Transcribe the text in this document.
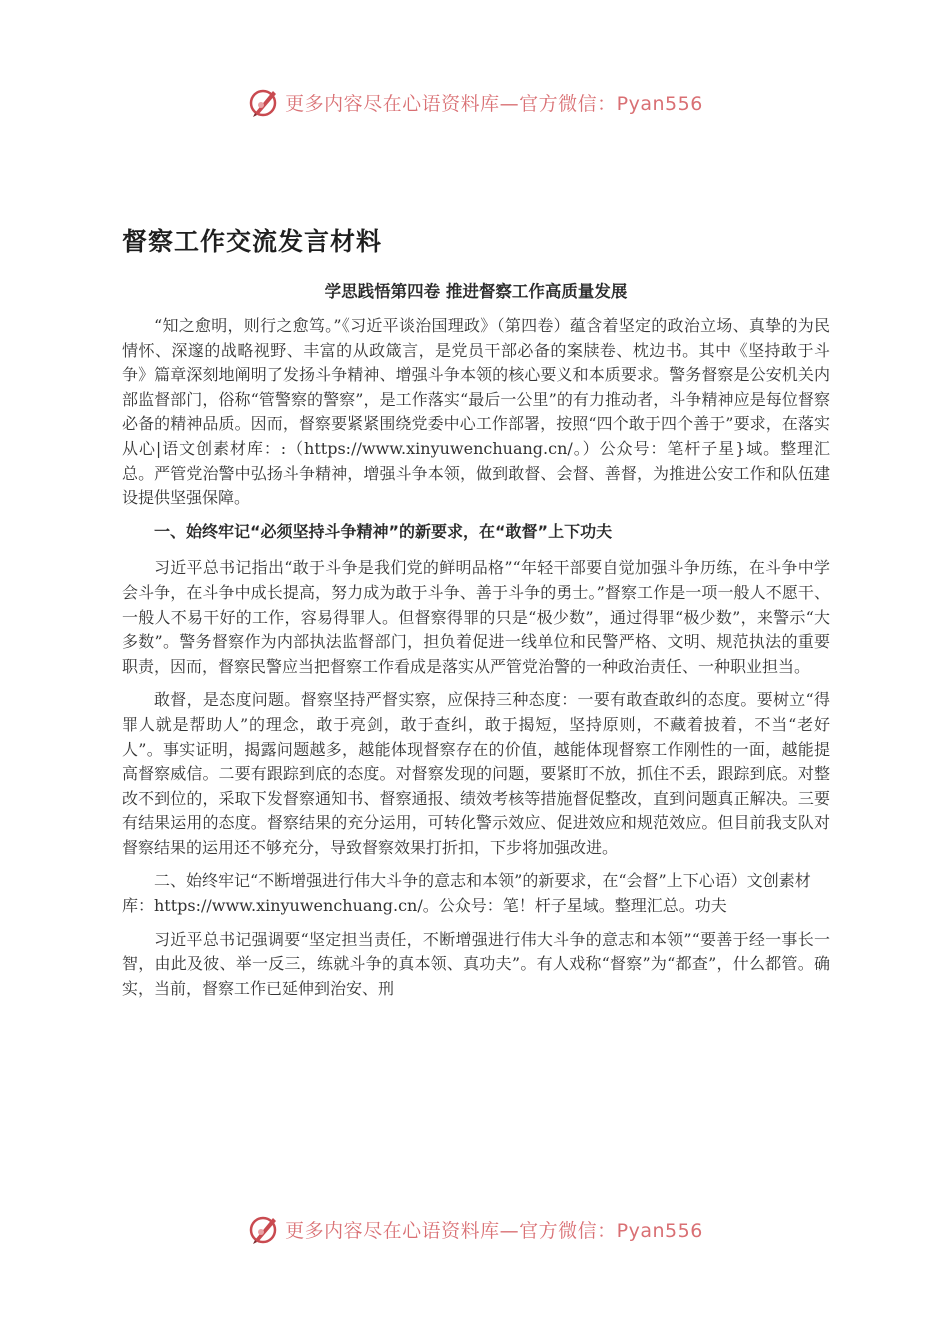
更多内容尽在心语资料库—官方微信：Pyan556
督察工作交流发言材料
学思践悟第四卷 推进督察工作高质量发展

“知之愈明，则行之愈笃。”《习近平谈治国理政》（第四卷）蕴含着坚定的政治立场、真挚的为民情怀、深邃的战略视野、丰富的从政箴言，是党员干部必备的案牍卷、枕边书。其中《坚持敢于斗争》篇章深刻地阐明了发扬斗争精神、增强斗争本领的核心要义和本质要求。警务督察是公安机关内部监督部门，俗称“管警察的警察”，是工作落实“最后一公里”的有力推动者，斗争精神应是每位督察必备的精神品质。因而，督察要紧紧围绕党委中心工作部署，按照“四个敢于四个善于”要求，在落实从心|语文创素材库：:（https://www.xinyuwenchuang.cn/。）公众号：笔杆子星}域。整理汇总。严管党治警中弘扬斗争精神，增强斗争本领，做到敢督、会督、善督，为推进公安工作和队伍建设提供坚强保障。

一、始终牢记“必须坚持斗争精神”的新要求，在“敢督”上下功夫

习近平总书记指出“敢于斗争是我们党的鲜明品格”“年轻干部要自觉加强斗争历练，在斗争中学会斗争，在斗争中成长提高，努力成为敢于斗争、善于斗争的勇士。”督察工作是一项一般人不愿干、一般人不易干好的工作，容易得罪人。但督察得罪的只是“极少数”，通过得罪“极少数”，来警示“大多数”。警务督察作为内部执法监督部门，担负着促进一线单位和民警严格、文明、规范执法的重要职责，因而，督察民警应当把督察工作看成是落实从严管党治警的一种政治责任、一种职业担当。

敢督，是态度问题。督察坚持严督实察，应保持三种态度：一要有敢查敢纠的态度。要树立“得罪人就是帮助人”的理念，敢于亮剑，敢于查纠，敢于揭短，坚持原则，不藏着披着，不当“老好人”。事实证明，揭露问题越多，越能体现督察存在的价值，越能体现督察工作刚性的一面，越能提高督察威信。二要有跟踪到底的态度。对督察发现的问题，要紧盯不放，抓住不丢，跟踪到底。对整改不到位的，采取下发督察通知书、督察通报、绩效考核等措施督促整改，直到问题真正解决。三要有结果运用的态度。督察结果的充分运用，可转化警示效应、促进效应和规范效应。但目前我支队对督察结果的运用还不够充分，导致督察效果打折扣，下步将加强改进。

二、始终牢记“不断增强进行伟大斗争的意志和本领”的新要求，在“会督”上下心语）文创素材库：https://www.xinyuwenchuang.cn/。公众号：笔！杆子星域。整理汇总。功夫

习近平总书记强调要“坚定担当责任，不断增强进行伟大斗争的意志和本领”“要善于经一事长一智，由此及彼、举一反三，练就斗争的真本领、真功夫”。有人戏称“督察”为“都查”，什么都管。确实，当前，督察工作已延伸到治安、刑

更多内容尽在心语资料库—官方微信：Pyan556
